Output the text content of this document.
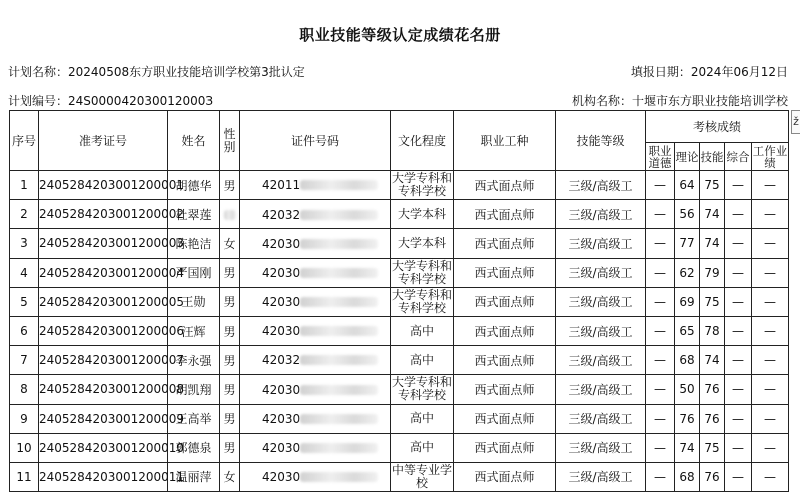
职业技能等级认定成绩花名册
计划名称：20240508东方职业技能培训学校第3批认定	填报日期：2024年06月12日
计划编号：24S000042030012000З	机构名称：十堰市东方职业技能培训学校
序号	准考证号	姓名	性别	证件号码	文化程度	职业工种	技能等级	考核成绩				
								职业道德	理论	技能	综合	工作业绩
1	2405284203001200001	胡德华	男	42011	大学专科和专科学校	西式面点师	三级/高级工	—	64	75	—	—
2	2405284203001200002	杜翠莲		42032	大学本科	西式面点师	三级/高级工	—	56	74	—	—
3	2405284203001200003	陈艳洁	女	42030	大学本科	西式面点师	三级/高级工	—	77	74	—	—
4	2405284203001200004	严国刚	男	42030	大学专科和专科学校	西式面点师	三级/高级工	—	62	79	—	—
5	2405284203001200005	王勋	男	42030	大学专科和专科学校	西式面点师	三级/高级工	—	69	75	—	—
6	2405284203001200006	汪辉	男	42030	高中	西式面点师	三级/高级工	—	65	78	—	—
7	2405284203001200007	李永强	男	42032	高中	西式面点师	三级/高级工	—	68	74	—	—
8	2405284203001200008	胡凯翔	男	42030	大学专科和专科学校	西式面点师	三级/高级工	—	50	76	—	—
9	2405284203001200009	王高举	男	42030	高中	西式面点师	三级/高级工	—	76	76	—	—
10	2405284203001200010	郭德泉	男	42030	高中	西式面点师	三级/高级工	—	74	75	—	—
11	2405284203001200011	温丽萍	女	42030	中等专业学校	西式面点师	三级/高级工	—	68	76	—	—
ž
